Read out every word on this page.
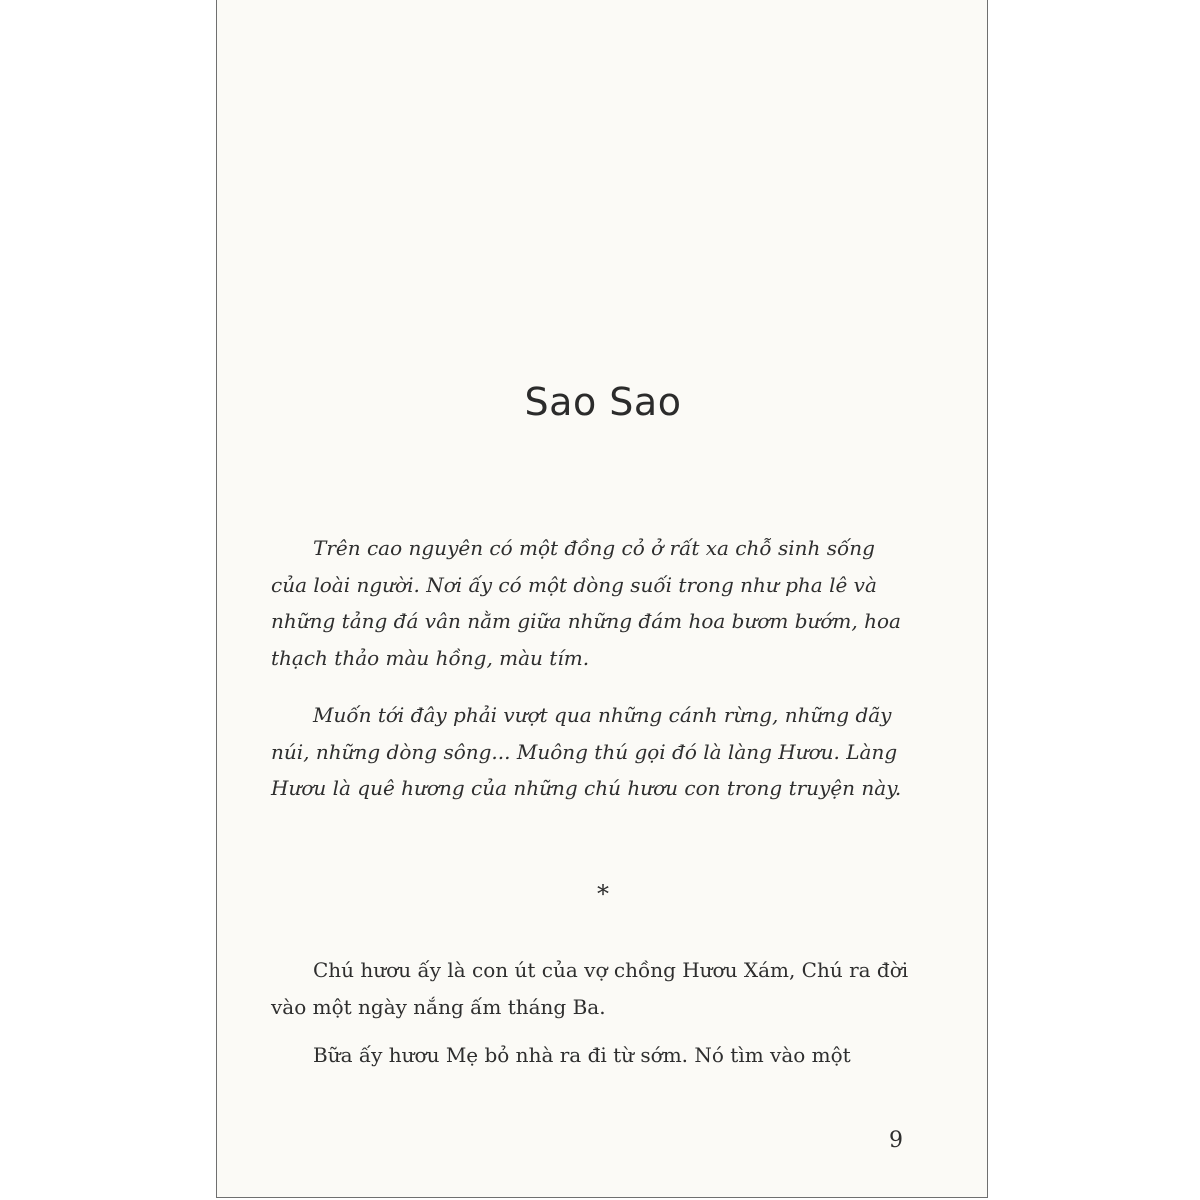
Sao Sao

Trên cao nguyên có một đồng cỏ ở rất xa chỗ sinh sống của loài người. Nơi ấy có một dòng suối trong như pha lê và những tảng đá vân nằm giữa những đám hoa bươm bướm, hoa thạch thảo màu hồng, màu tím.

Muốn tới đây phải vượt qua những cánh rừng, những dãy núi, những dòng sông... Muông thú gọi đó là làng Hươu. Làng Hươu là quê hương của những chú hươu con trong truyện này.

*

Chú hươu ấy là con út của vợ chồng Hươu Xám, Chú ra đời vào một ngày nắng ấm tháng Ba.

Bữa ấy hươu Mẹ bỏ nhà ra đi từ sớm. Nó tìm vào một

9
